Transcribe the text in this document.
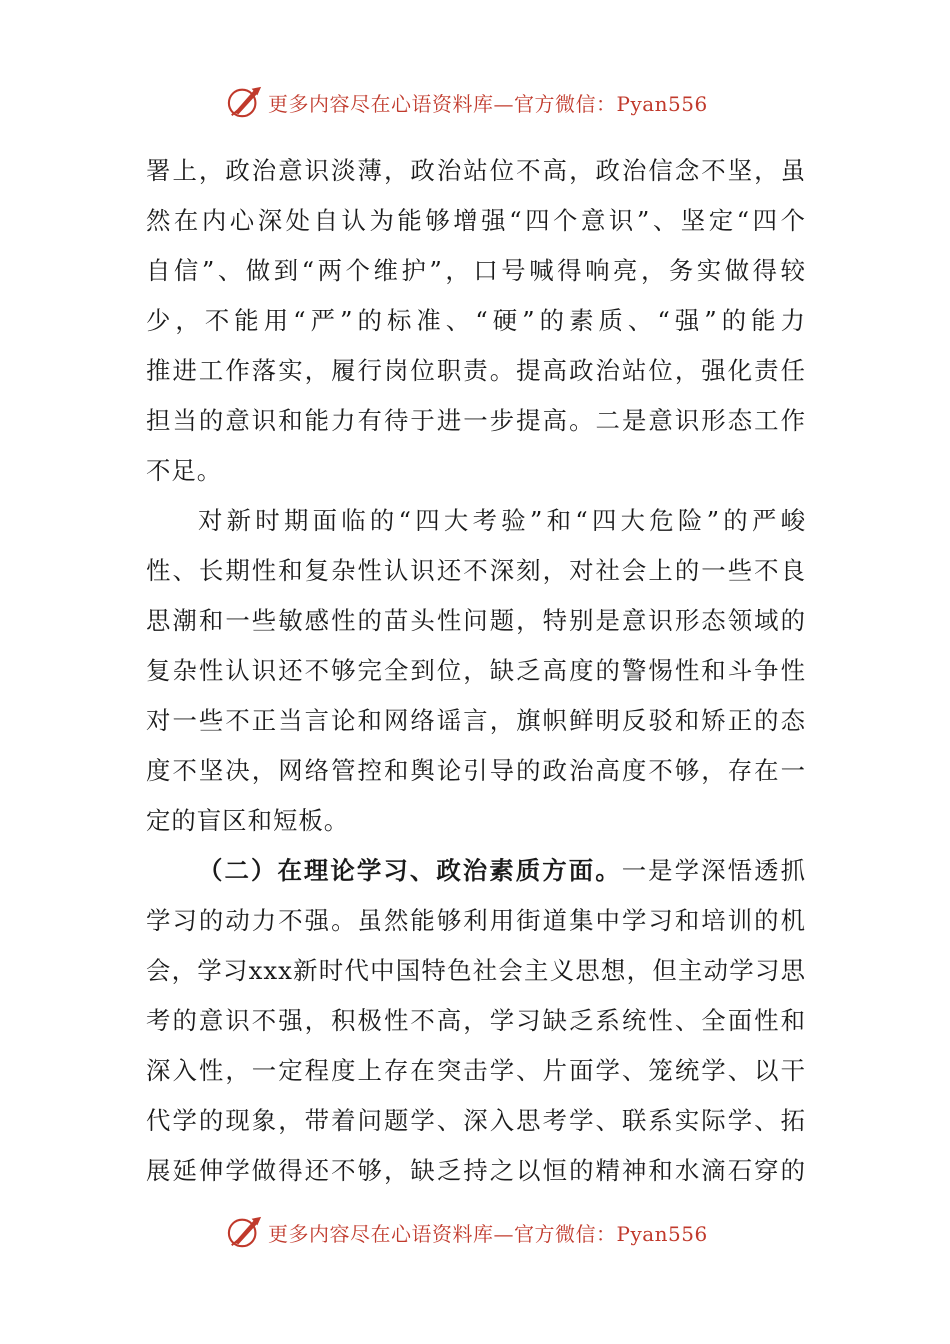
更多内容尽在心语资料库—官方微信：Pyan556
署上，政治意识淡薄，政治站位不高，政治信念不坚，虽
然在内心深处自认为能够增强“四个意识”、坚定“四个
自信”、做到“两个维护”，口号喊得响亮，务实做得较
少，不能用“严”的标准、“硬”的素质、“强”的能力
推进工作落实，履行岗位职责。提高政治站位，强化责任
担当的意识和能力有待于进一步提高。二是意识形态工作
不足。
对新时期面临的“四大考验”和“四大危险”的严峻
性、长期性和复杂性认识还不深刻，对社会上的一些不良
思潮和一些敏感性的苗头性问题，特别是意识形态领域的
复杂性认识还不够完全到位，缺乏高度的警惕性和斗争性
对一些不正当言论和网络谣言，旗帜鲜明反驳和矫正的态
度不坚决，网络管控和舆论引导的政治高度不够，存在一
定的盲区和短板。
（二）在理论学习、政治素质方面。一是学深悟透抓
学习的动力不强。虽然能够利用街道集中学习和培训的机
会，学习xxx新时代中国特色社会主义思想，但主动学习思
考的意识不强，积极性不高，学习缺乏系统性、全面性和
深入性，一定程度上存在突击学、片面学、笼统学、以干
代学的现象，带着问题学、深入思考学、联系实际学、拓
展延伸学做得还不够，缺乏持之以恒的精神和水滴石穿的
更多内容尽在心语资料库—官方微信：Pyan556
